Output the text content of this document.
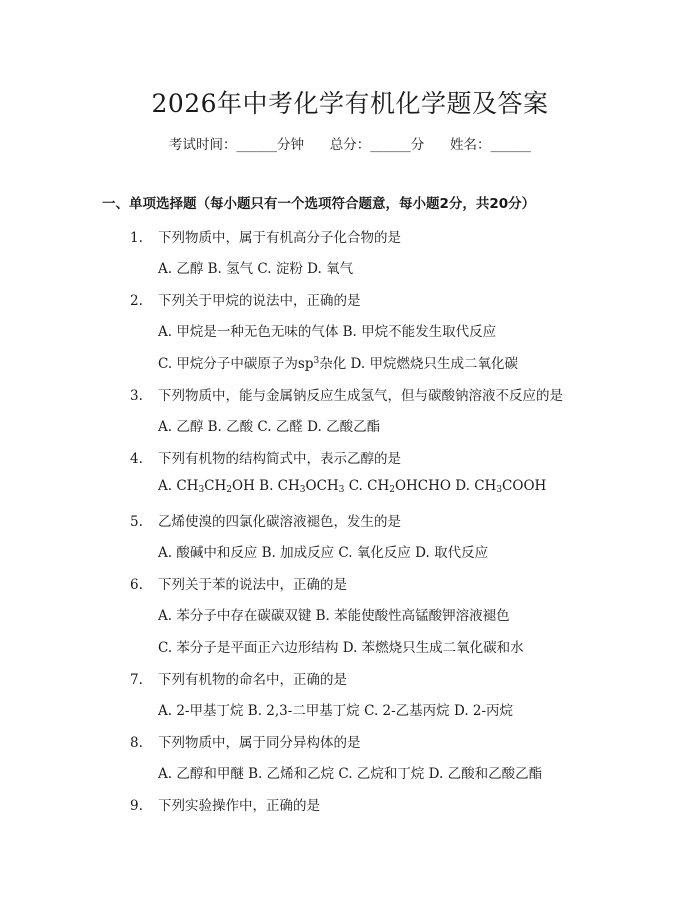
2026年中考化学有机化学题及答案
考试时间：______分钟 总分：______分 姓名：______
一、单项选择题（每小题只有一个选项符合题意，每小题2分，共20分）
1. 下列物质中，属于有机高分子化合物的是
A. 乙醇 B. 氢气 C. 淀粉 D. 氧气
2. 下列关于甲烷的说法中，正确的是
A. 甲烷是一种无色无味的气体 B. 甲烷不能发生取代反应
C. 甲烷分子中碳原子为$sp^3$杂化 D. 甲烷燃烧只生成二氧化碳
3. 下列物质中，能与金属钠反应生成氢气，但与碳酸钠溶液不反应的是
A. 乙醇 B. 乙酸 C. 乙醛 D. 乙酸乙酯
4. 下列有机物的结构简式中，表示乙醇的是
A. $CH_3CH_2OH$ B. $CH_3OCH_3$ C. $CH_2OHCHO$ D. $CH_3COOH$
5. 乙烯使溴的四氯化碳溶液褪色，发生的是
A. 酸碱中和反应 B. 加成反应 C. 氧化反应 D. 取代反应
6. 下列关于苯的说法中，正确的是
A. 苯分子中存在碳碳双键 B. 苯能使酸性高锰酸钾溶液褪色
C. 苯分子是平面正六边形结构 D. 苯燃烧只生成二氧化碳和水
7. 下列有机物的命名中，正确的是
A. 2-甲基丁烷 B. 2,3-二甲基丁烷 C. 2-乙基丙烷 D. 2-丙烷
8. 下列物质中，属于同分异构体的是
A. 乙醇和甲醚 B. 乙烯和乙烷 C. 乙烷和丁烷 D. 乙酸和乙酸乙酯
9. 下列实验操作中，正确的是
